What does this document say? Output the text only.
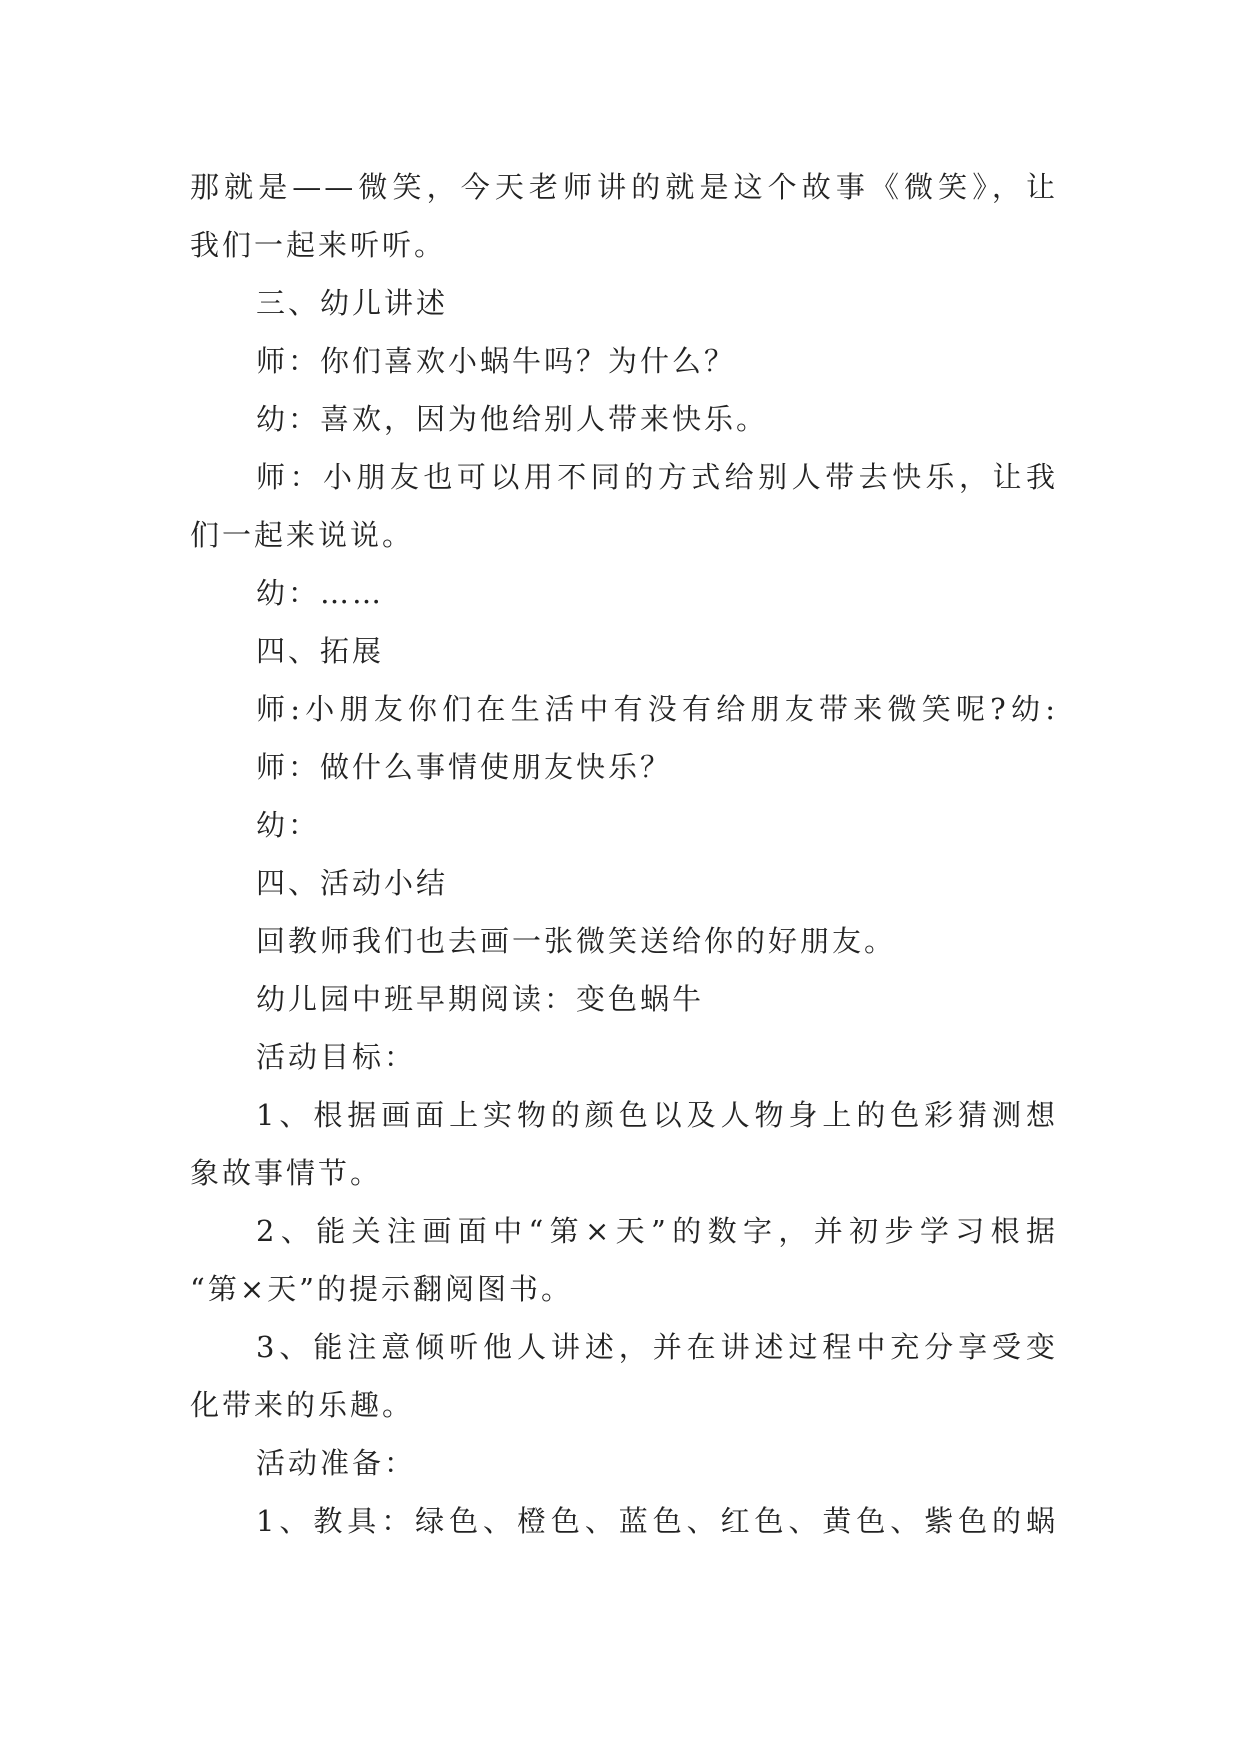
那就是——微笑，今天老师讲的就是这个故事《微笑》，让
我们一起来听听。
三、幼儿讲述
师：你们喜欢小蜗牛吗？为什么？
幼：喜欢，因为他给别人带来快乐。
师：小朋友也可以用不同的方式给别人带去快乐，让我
们一起来说说。
幼：……
四、拓展
师:小朋友你们在生活中有没有给朋友带来微笑呢?幼:
师：做什么事情使朋友快乐？
幼：
四、活动小结
回教师我们也去画一张微笑送给你的好朋友。
幼儿园中班早期阅读：变色蜗牛
活动目标：
1、根据画面上实物的颜色以及人物身上的色彩猜测想
象故事情节。
2、能关注画面中“第×天”的数字，并初步学习根据
“第×天”的提示翻阅图书。
3、能注意倾听他人讲述，并在讲述过程中充分享受变
化带来的乐趣。
活动准备：
1、教具：绿色、橙色、蓝色、红色、黄色、紫色的蜗
